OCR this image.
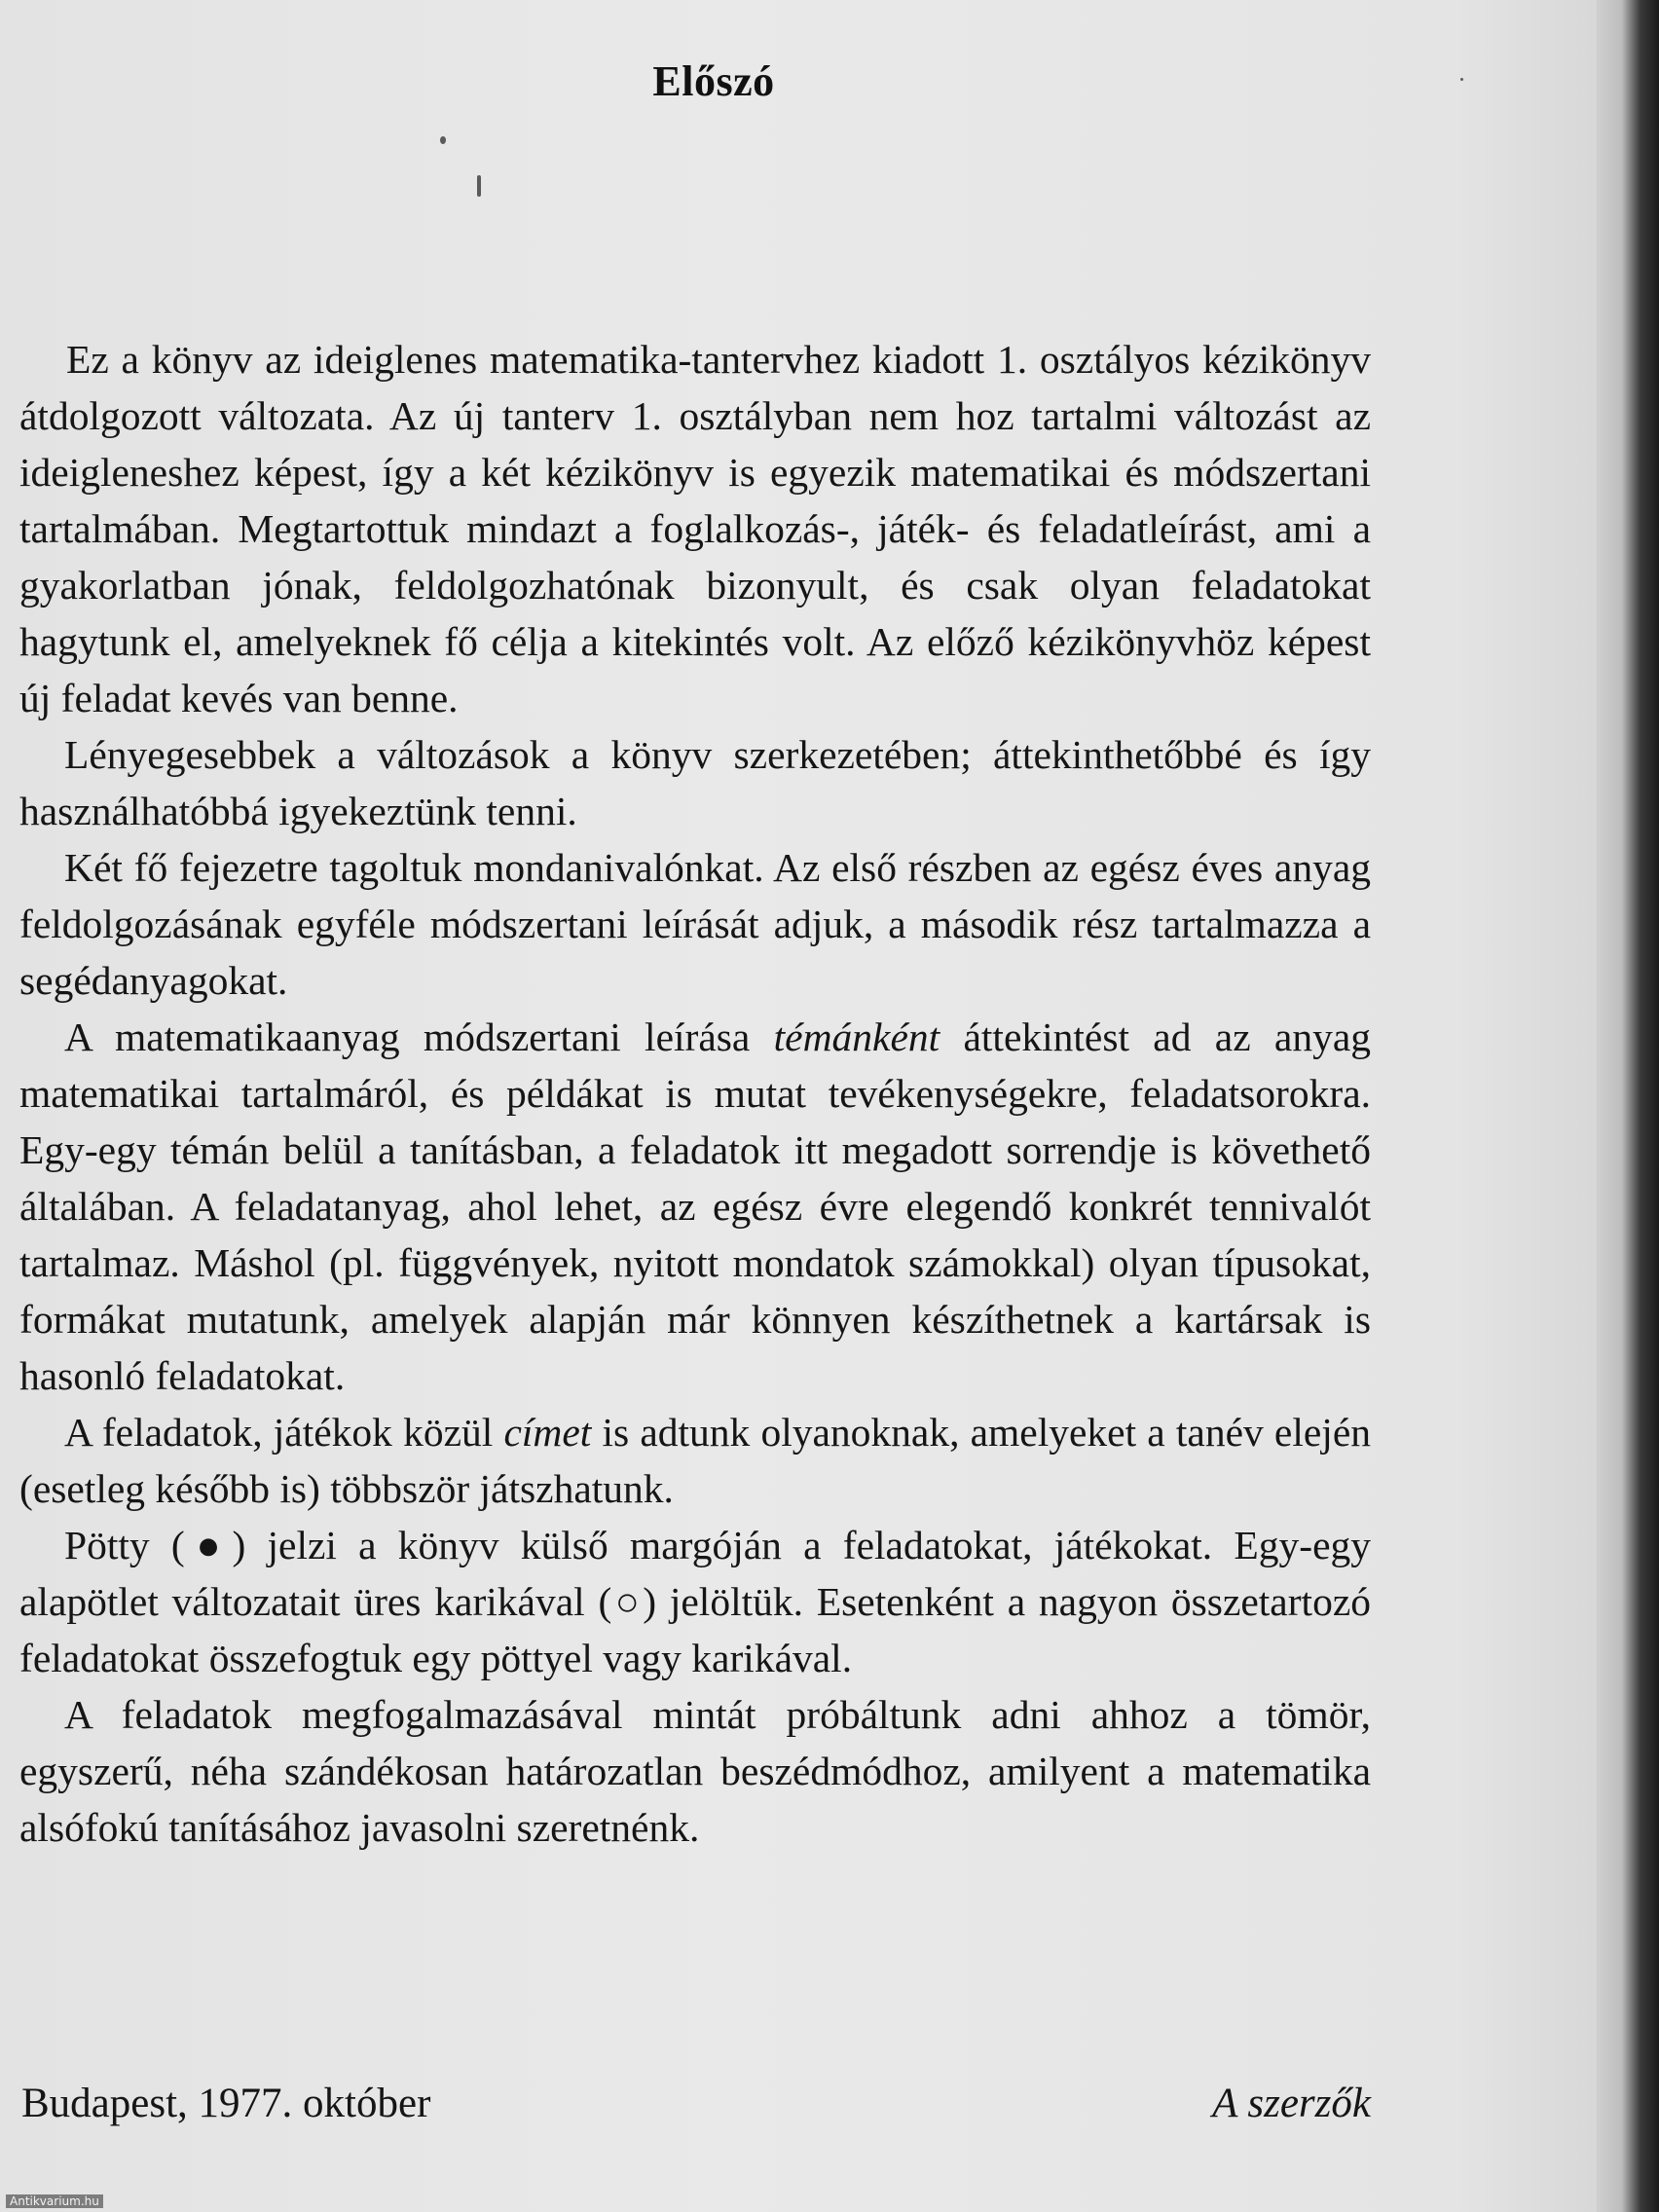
Előszó

Ez a könyv az ideiglenes matematika-tantervhez kiadott 1. osztályos kézikönyv átdolgozott változata. Az új tanterv 1. osztályban nem hoz tartalmi változást az ideigleneshez képest, így a két kézikönyv is egyezik matematikai és módszertani tartalmában. Megtartottuk mindazt a foglalkozás-, játék- és feladatleírást, ami a gyakorlatban jónak, feldolgozhatónak bizonyult, és csak olyan feladatokat hagytunk el, amelyeknek fő célja a kitekintés volt. Az előző kézikönyvhöz képest új feladat kevés van benne.

Lényegesebbek a változások a könyv szerkezetében; áttekinthetőbbé és így használhatóbbá igyekeztünk tenni.

Két fő fejezetre tagoltuk mondanivalónkat. Az első részben az egész éves anyag feldolgozásának egyféle módszertani leírását adjuk, a második rész tartalmazza a segédanyagokat.

A matematikaanyag módszertani leírása témánként áttekintést ad az anyag matematikai tartalmáról, és példákat is mutat tevékenységekre, feladatsorokra. Egy-egy témán belül a tanításban, a feladatok itt megadott sorrendje is követhető általában. A feladatanyag, ahol lehet, az egész évre elegendő konkrét tennivalót tartalmaz. Máshol (pl. függvények, nyitott mondatok számokkal) olyan típusokat, formákat mutatunk, amelyek alapján már könnyen készíthetnek a kartársak is hasonló feladatokat.

A feladatok, játékok közül címet is adtunk olyanoknak, amelyeket a tanév elején (esetleg később is) többször játszhatunk.

Pötty (●) jelzi a könyv külső margóján a feladatokat, játékokat. Egy-egy alapötlet változatait üres karikával (○) jelöltük. Esetenként a nagyon összetartozó feladatokat összefogtuk egy pöttyel vagy karikával.

A feladatok megfogalmazásával mintát próbáltunk adni ahhoz a tömör, egyszerű, néha szándékosan határozatlan beszédmódhoz, amilyent a matematika alsófokú tanításához javasolni szeretnénk.

Budapest, 1977. október	A szerzők
Antikvarium.hu
